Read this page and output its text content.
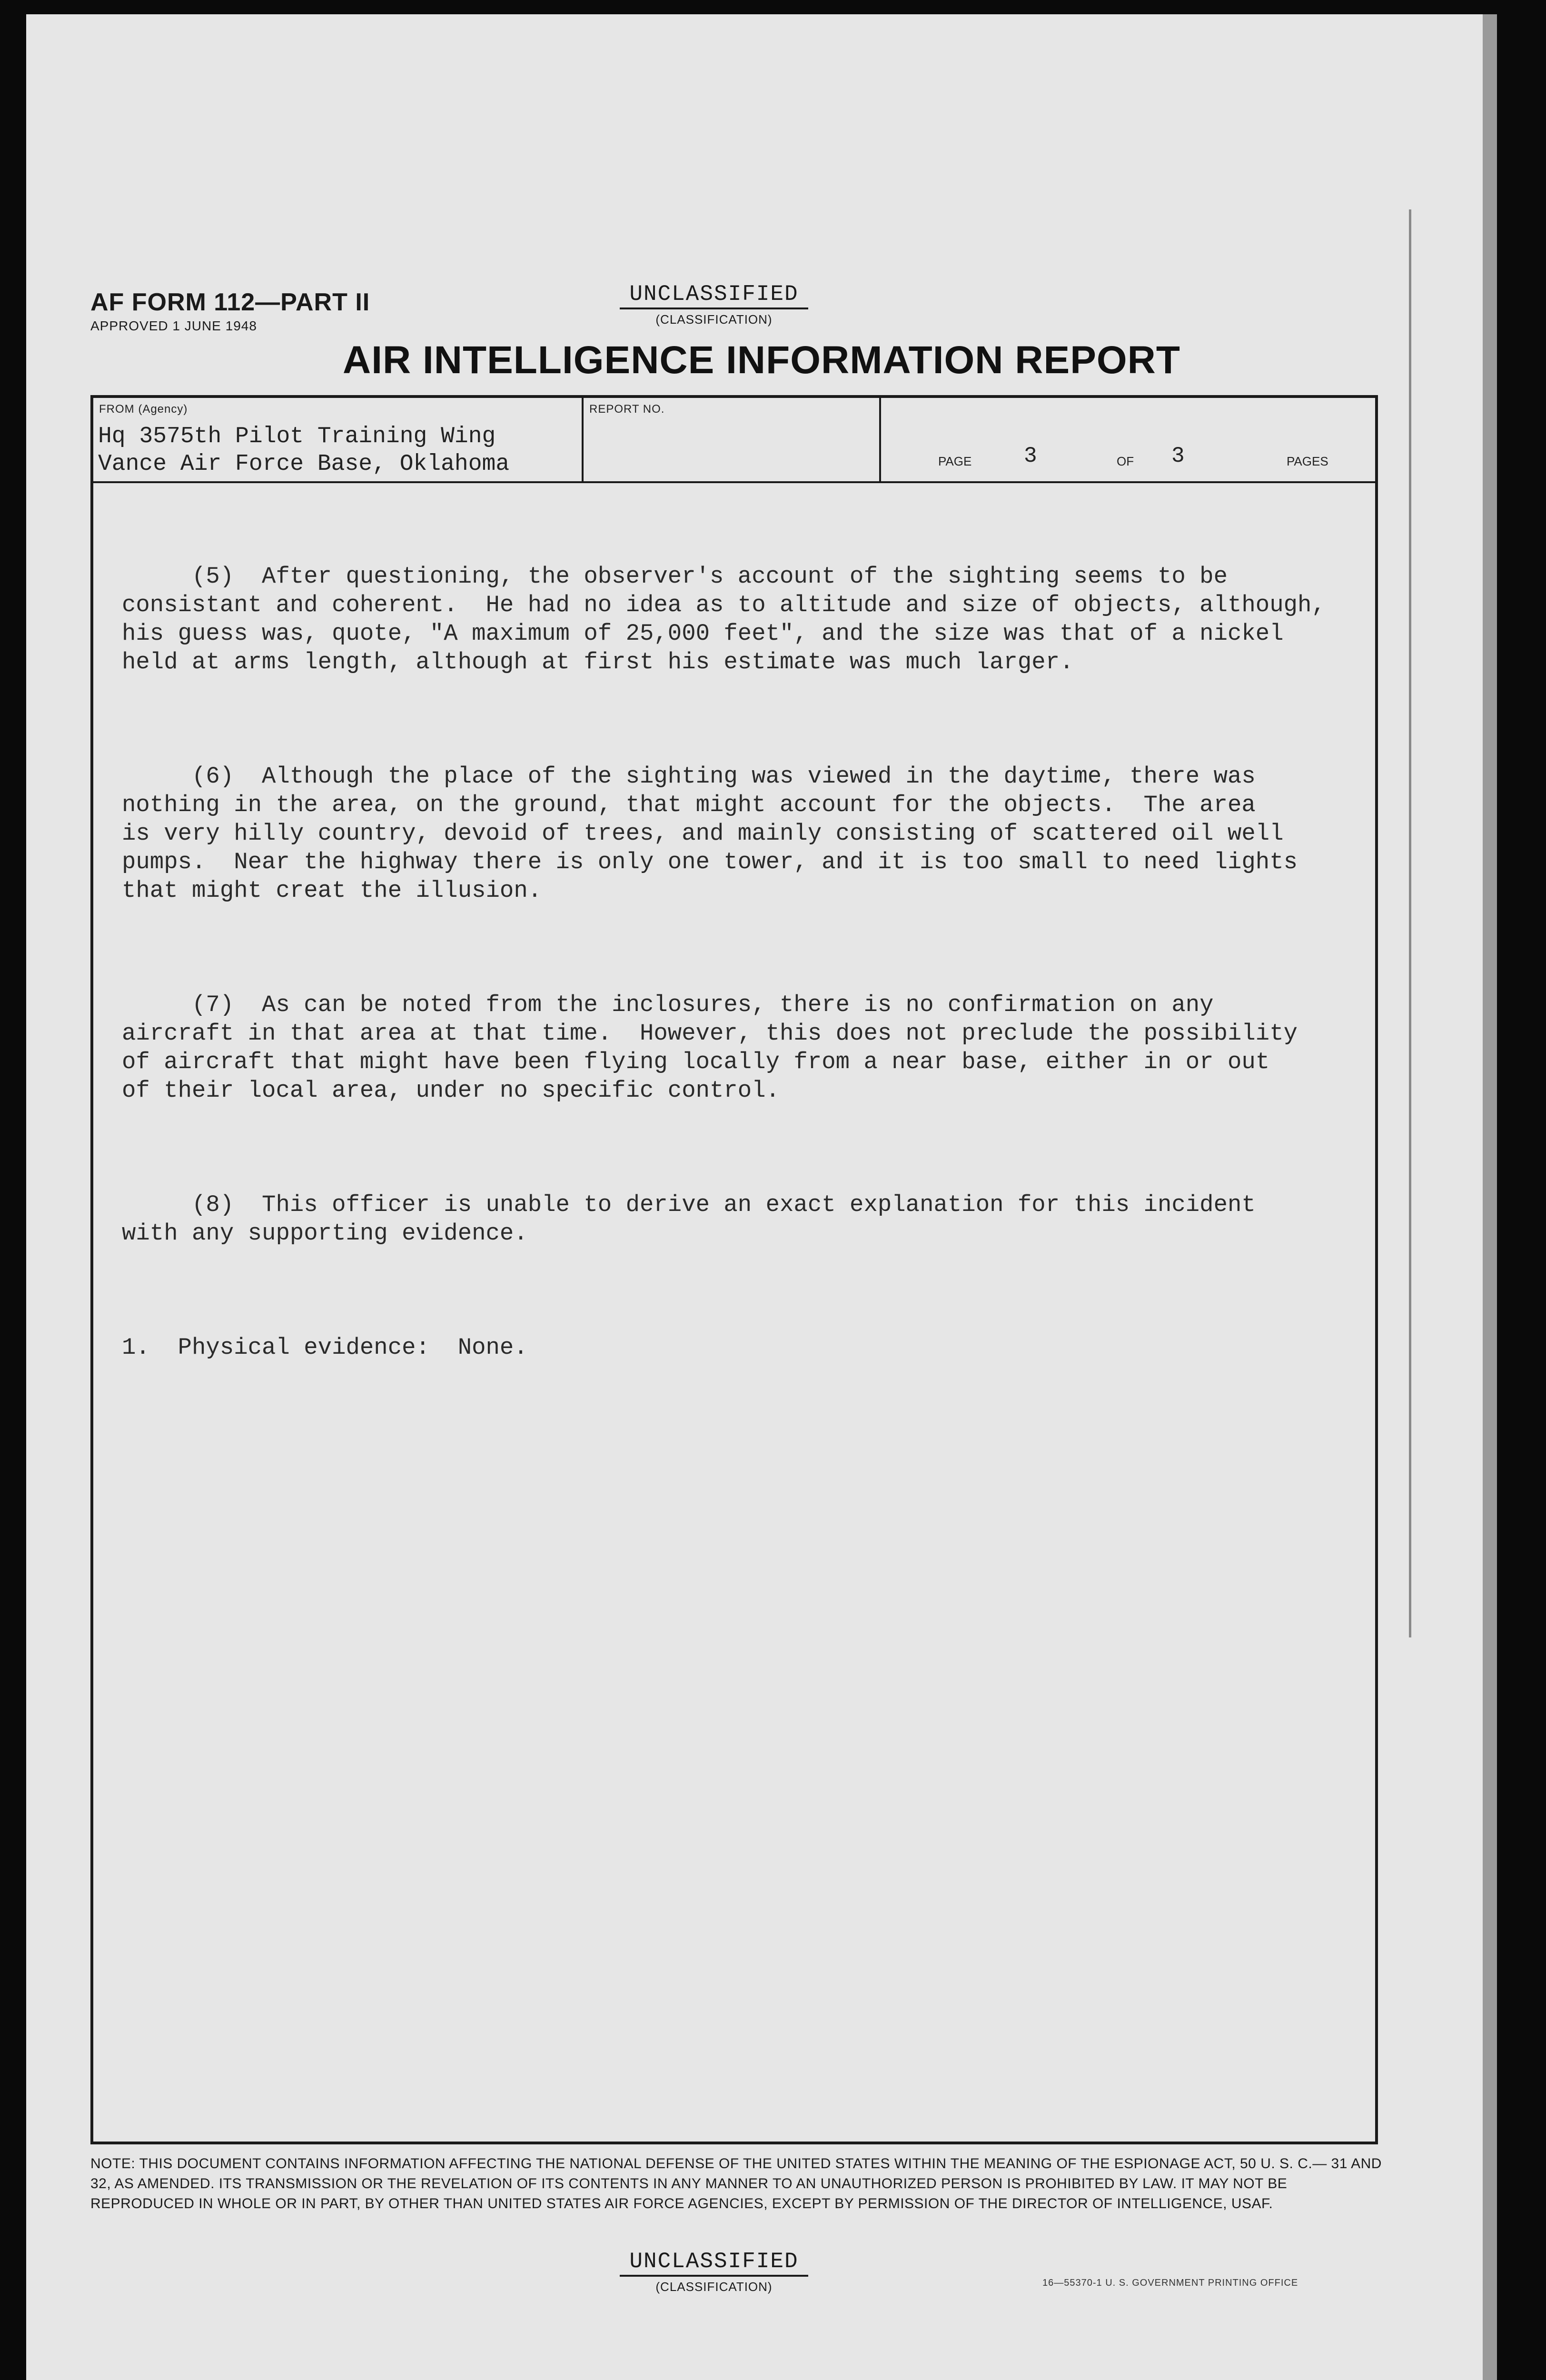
AF FORM 112—PART II
APPROVED 1 JUNE 1948
UNCLASSIFIED
(CLASSIFICATION)
AIR INTELLIGENCE INFORMATION REPORT
FROM (Agency)
Hq 3575th Pilot Training Wing
Vance Air Force Base, Oklahoma
REPORT NO.
PAGE 3	OF 3	PAGES

(5)  After questioning, the observer's account of the sighting seems to be
consistant and coherent.  He had no idea as to altitude and size of objects, although,
his guess was, quote, "A maximum of 25,000 feet", and the size was that of a nickel
held at arms length, although at first his estimate was much larger.

(6)  Although the place of the sighting was viewed in the daytime, there was
nothing in the area, on the ground, that might account for the objects.  The area
is very hilly country, devoid of trees, and mainly consisting of scattered oil well
pumps.  Near the highway there is only one tower, and it is too small to need lights
that might creat the illusion.

(7)  As can be noted from the inclosures, there is no confirmation on any
aircraft in that area at that time.  However, this does not preclude the possibility
of aircraft that might have been flying locally from a near base, either in or out
of their local area, under no specific control.

(8)  This officer is unable to derive an exact explanation for this incident
with any supporting evidence.

1.  Physical evidence:  None.

NOTE: THIS DOCUMENT CONTAINS INFORMATION AFFECTING THE NATIONAL DEFENSE OF THE UNITED STATES WITHIN THE MEANING OF THE ESPIONAGE ACT, 50 U. S. C.— 31 AND 32, AS AMENDED. ITS TRANSMISSION OR THE REVELATION OF ITS CONTENTS IN ANY MANNER TO AN UNAUTHORIZED PERSON IS PROHIBITED BY LAW. IT MAY NOT BE REPRODUCED IN WHOLE OR IN PART, BY OTHER THAN UNITED STATES AIR FORCE AGENCIES, EXCEPT BY PERMISSION OF THE DIRECTOR OF INTELLIGENCE, USAF.
UNCLASSIFIED
(CLASSIFICATION)	16—55370-1 U. S. GOVERNMENT PRINTING OFFICE
